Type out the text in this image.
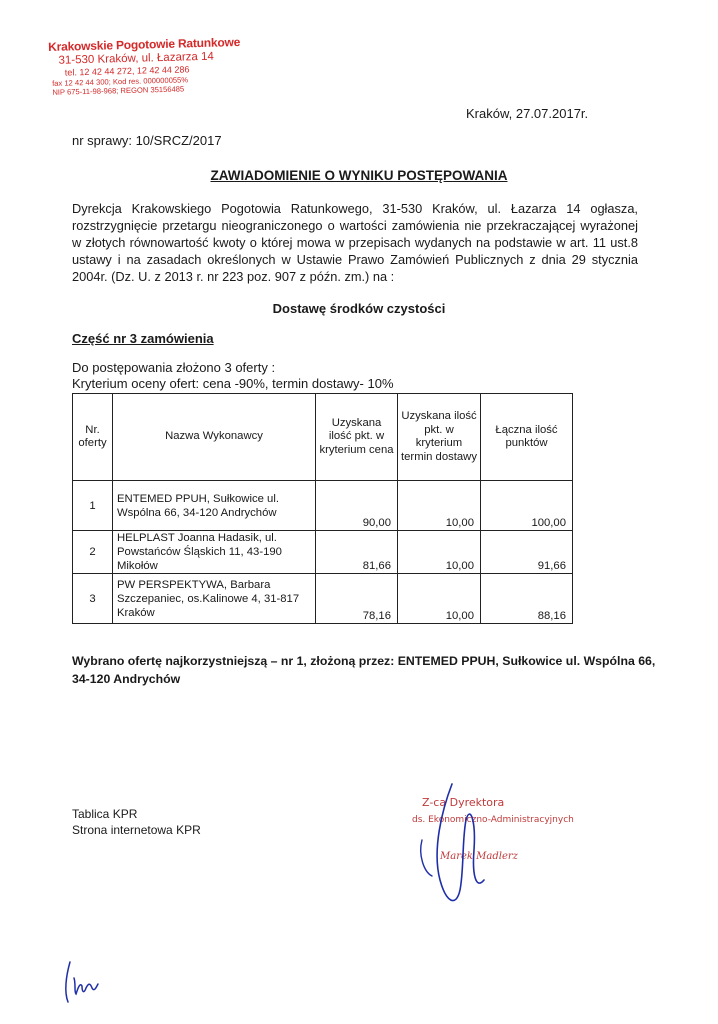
Krakowskie Pogotowie Ratunkowe
31-530 Kraków, ul. Łazarza 14
tel. 12 42 44 272, 12 42 44 286
fax 12 42 44 300; Kod res. 000000055%
NIP 675-11-98-968; REGON 35156485
Kraków, 27.07.2017r.
nr sprawy: 10/SRCZ/2017
ZAWIADOMIENIE O WYNIKU POSTĘPOWANIA

Dyrekcja Krakowskiego Pogotowia Ratunkowego, 31-530 Kraków, ul. Łazarza 14 ogłasza, rozstrzygnięcie przetargu nieograniczonego o wartości zamówienia nie przekraczającej wyrażonej w złotych równowartość kwoty o której mowa w przepisach wydanych na podstawie w art. 11 ust.8 ustawy i na zasadach określonych w Ustawie Prawo Zamówień Publicznych z dnia 29 stycznia 2004r. (Dz. U. z 2013 r. nr 223 poz. 907 z późn. zm.) na :

Dostawę środków czystości
Część nr 3 zamówienia
Do postępowania złożono 3 oferty :
Kryterium oceny ofert: cena -90%, termin dostawy- 10%
Nr. oferty	Nazwa Wykonawcy	Uzyskana ilość pkt. w kryterium cena	Uzyskana ilość pkt. w kryterium termin dostawy	Łączna ilość punktów
1	ENTEMED PPUH, Sułkowice ul. Wspólna 66, 34-120 Andrychów	90,00	10,00	100,00
2	HELPLAST Joanna Hadasik, ul. Powstańców Śląskich 11, 43-190 Mikołów	81,66	10,00	91,66
3	PW PERSPEKTYWA, Barbara Szczepaniec, os.Kalinowe 4, 31-817 Kraków	78,16	10,00	88,16

Wybrano ofertę najkorzystniejszą – nr 1, złożoną przez: ENTEMED PPUH, Sułkowice ul. Wspólna 66, 34-120 Andrychów

Tablica KPR
Strona internetowa KPR
Z-ca Dyrektora
ds. Ekonomiczno-Administracyjnych
Marek Madlerz
